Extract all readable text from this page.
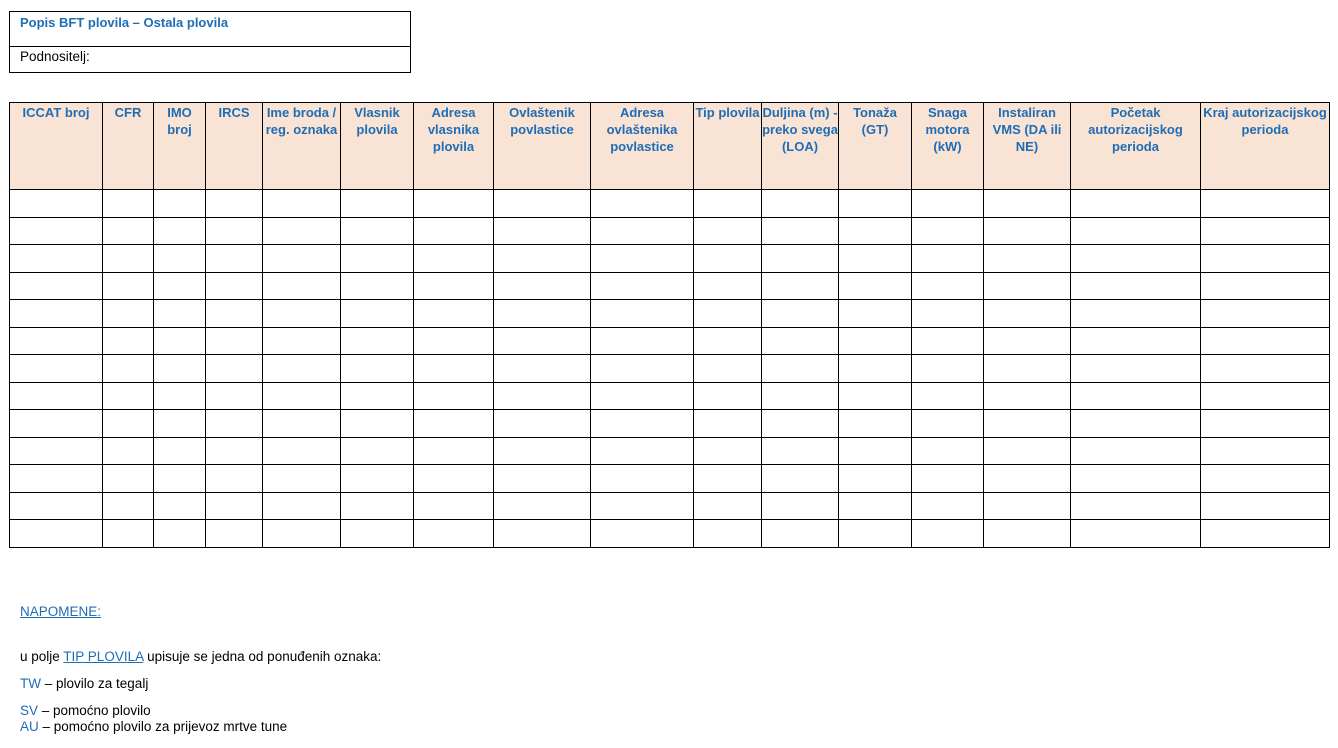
Popis BFT plovila – Ostala plovila
Podnositelj:
ICCAT broj	CFR	IMO broj	IRCS	Ime broda / reg. oznaka	Vlasnik plovila	Adresa vlasnika plovila	Ovlaštenik povlastice	Adresa ovlaštenika povlastice	Tip plovila	Duljina (m) - preko svega (LOA)	Tonaža (GT)	Snaga motora (kW)	Instaliran VMS (DA ili NE)	Početak autorizacijskog perioda	Kraj autorizacijskog perioda

NAPOMENE:
u polje TIP PLOVILA upisuje se jedna od ponuđenih oznaka:
TW – plovilo za tegalj
SV – pomoćno plovilo
AU – pomoćno plovilo za prijevoz mrtve tune
